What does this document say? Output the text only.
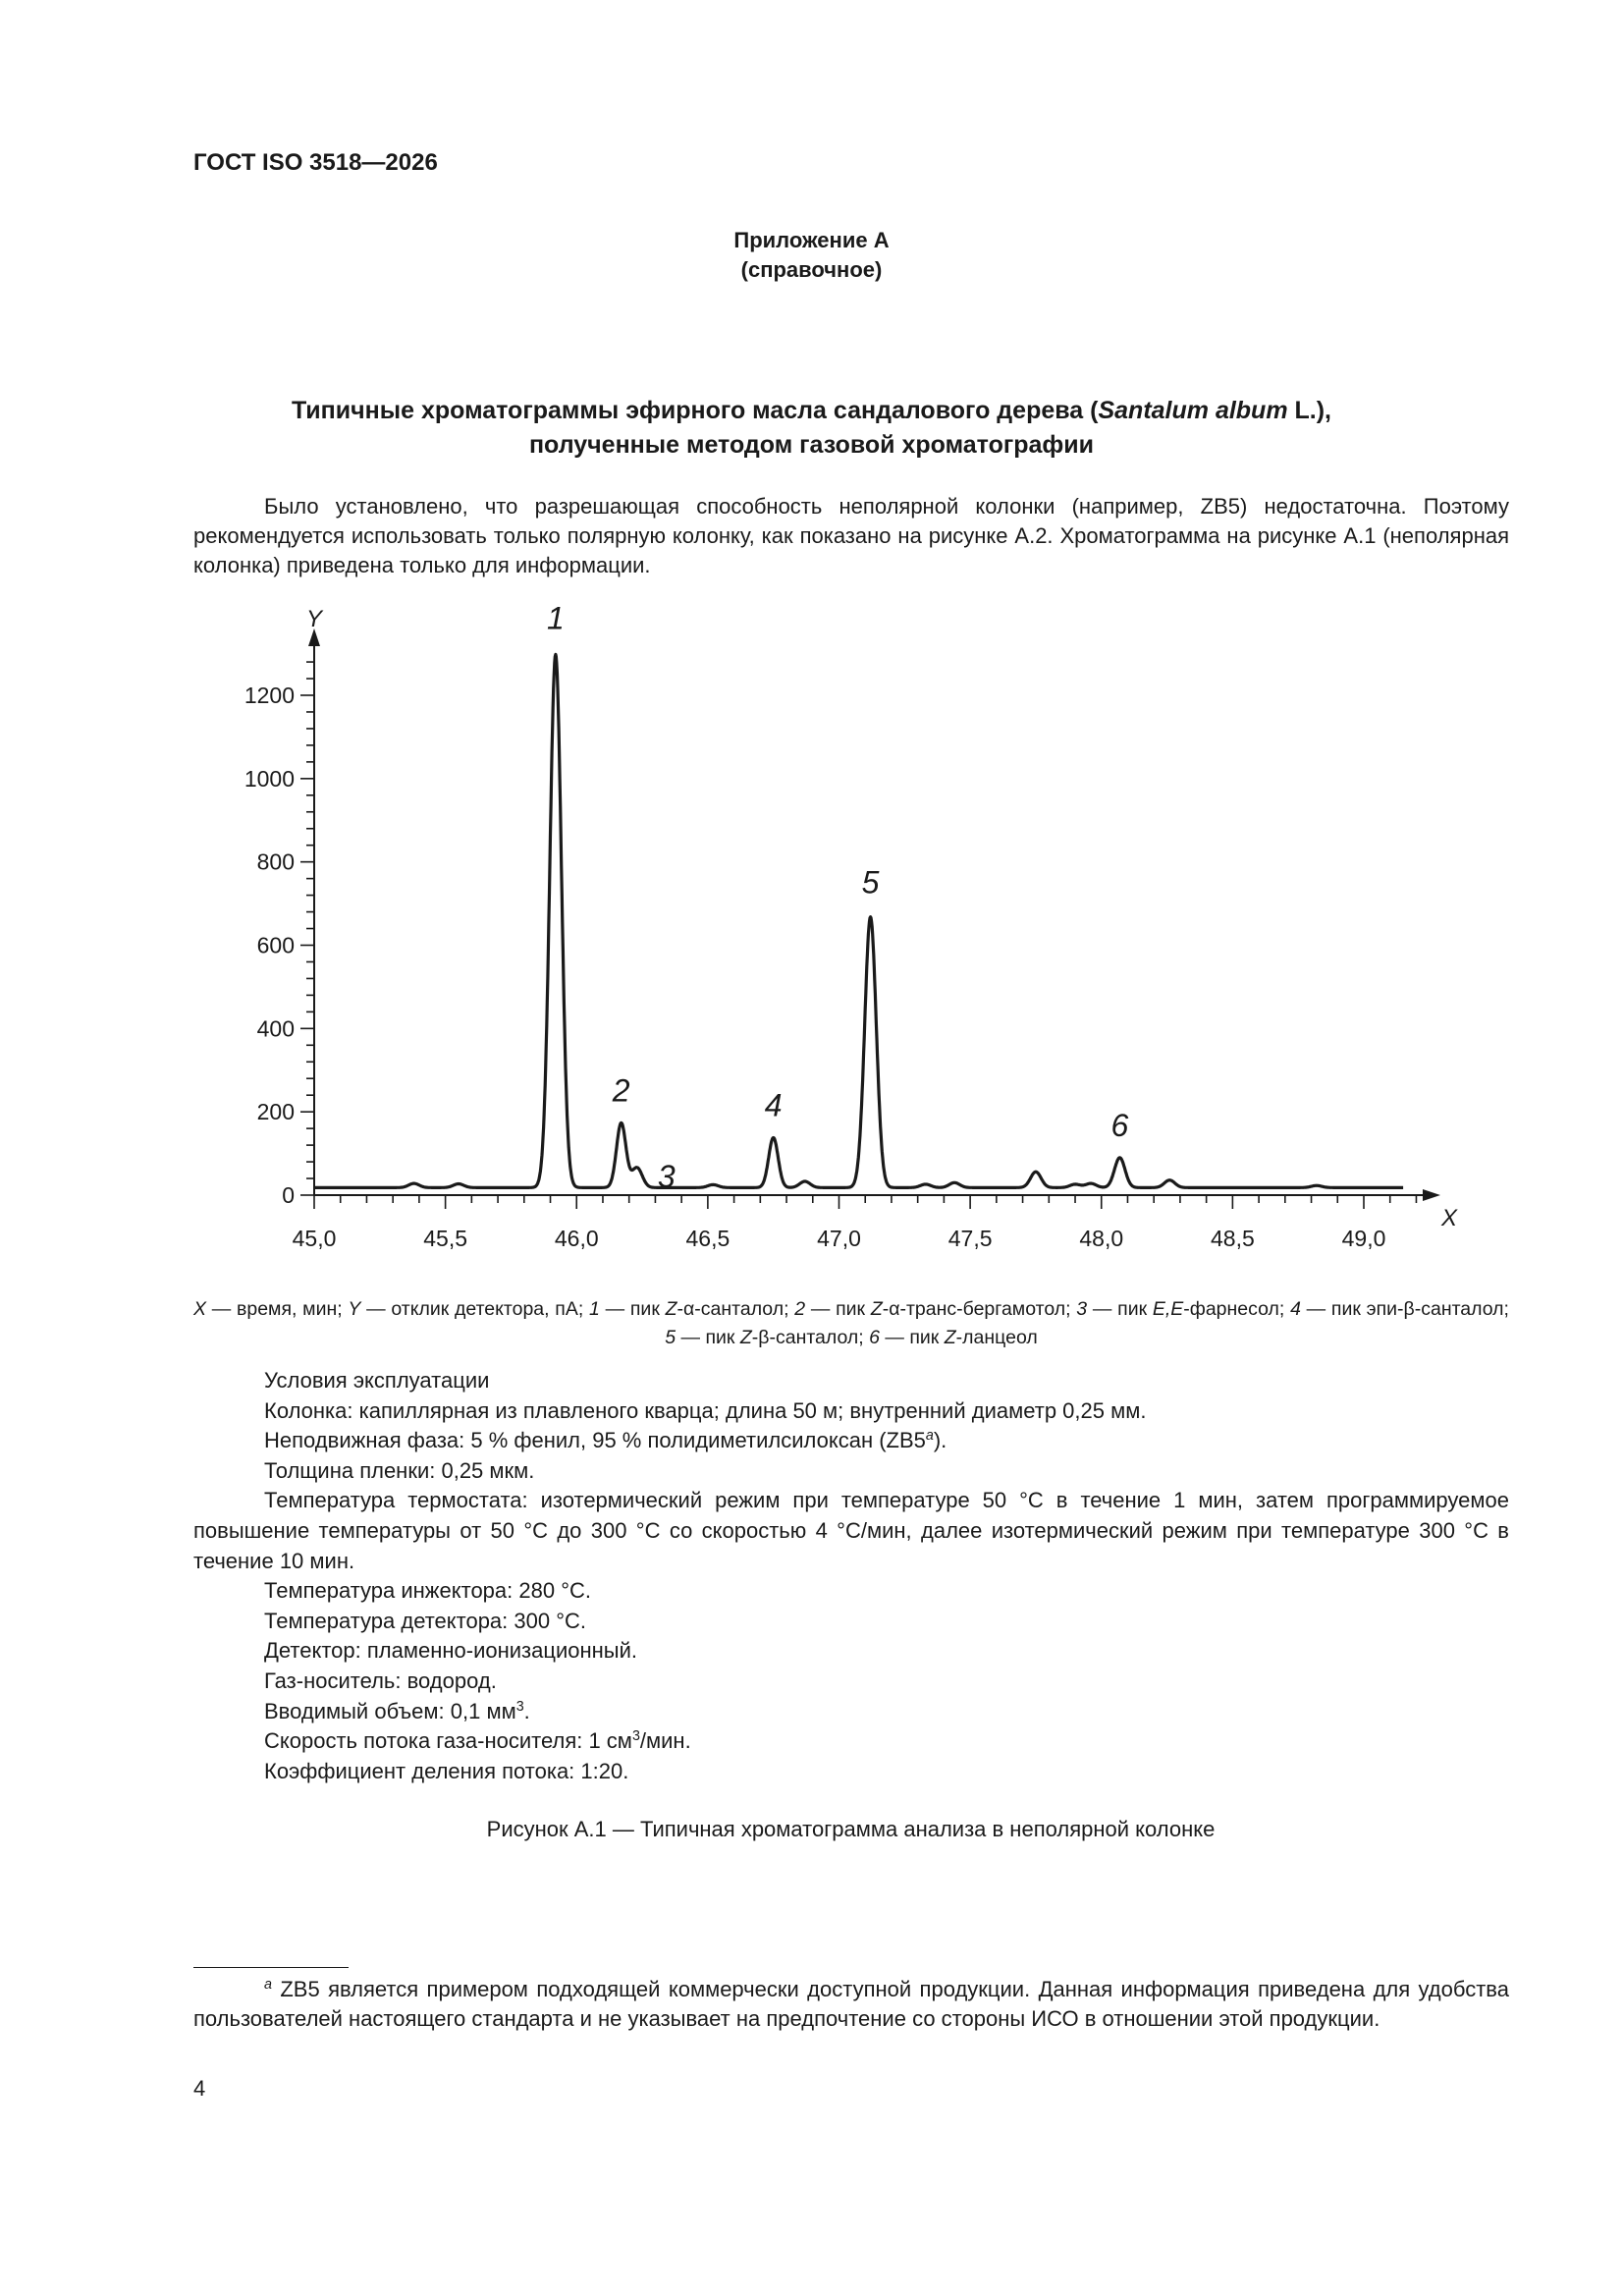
ГОСТ ISO 3518—2026
Приложение А
(справочное)
Типичные хроматограммы эфирного масла сандалового дерева (Santalum album L.),
полученные методом газовой хроматографии

Было установлено, что разрешающая способность неполярной колонки (например, ZB5) недостаточна. Поэтому рекомендуется использовать только полярную колонку, как показано на рисунке А.2. Хроматограмма на рисунке А.1 (неполярная колонка) приведена только для информации.

0
200
400
600
800
1000
1200
45,0	45,5	46,0	46,5	47,0	47,5	48,0	48,5	49,0
1
2
3
4
5
6
Y
X
X — время, мин; Y — отклик детектора, пА; 1 — пик Z-α-санталол; 2 — пик Z-α-транс-бергамотол; 3 — пик E,E-фарнесол; 4 — пик эпи-β-санталол; 5 — пик Z-β-санталол; 6 — пик Z-ланцеол
Условия эксплуатации
Колонка: капиллярная из плавленого кварца; длина 50 м; внутренний диаметр 0,25 мм.
Неподвижная фаза: 5 % фенил, 95 % полидиметилсилоксан (ZB5$^a$).
Толщина пленки: 0,25 мкм.
Температура термостата: изотермический режим при температуре 50 °С в течение 1 мин, затем программируемое повышение температуры от 50 °С до 300 °С со скоростью 4 °С/мин, далее изотермический режим при температуре 300 °С в течение 10 мин.
Температура инжектора: 280 °С.
Температура детектора: 300 °С.
Детектор: пламенно-ионизационный.
Газ-носитель: водород.
Вводимый объем: 0,1 $мм^3$.
Скорость потока газа-носителя: 1 $см^3$/мин.
Коэффициент деления потока: 1:20.
Рисунок А.1 — Типичная хроматограмма анализа в неполярной колонке
$^a$ ZB5 является примером подходящей коммерчески доступной продукции. Данная информация приведена для удобства пользователей настоящего стандарта и не указывает на предпочтение со стороны ИСО в отношении этой продукции.
4
